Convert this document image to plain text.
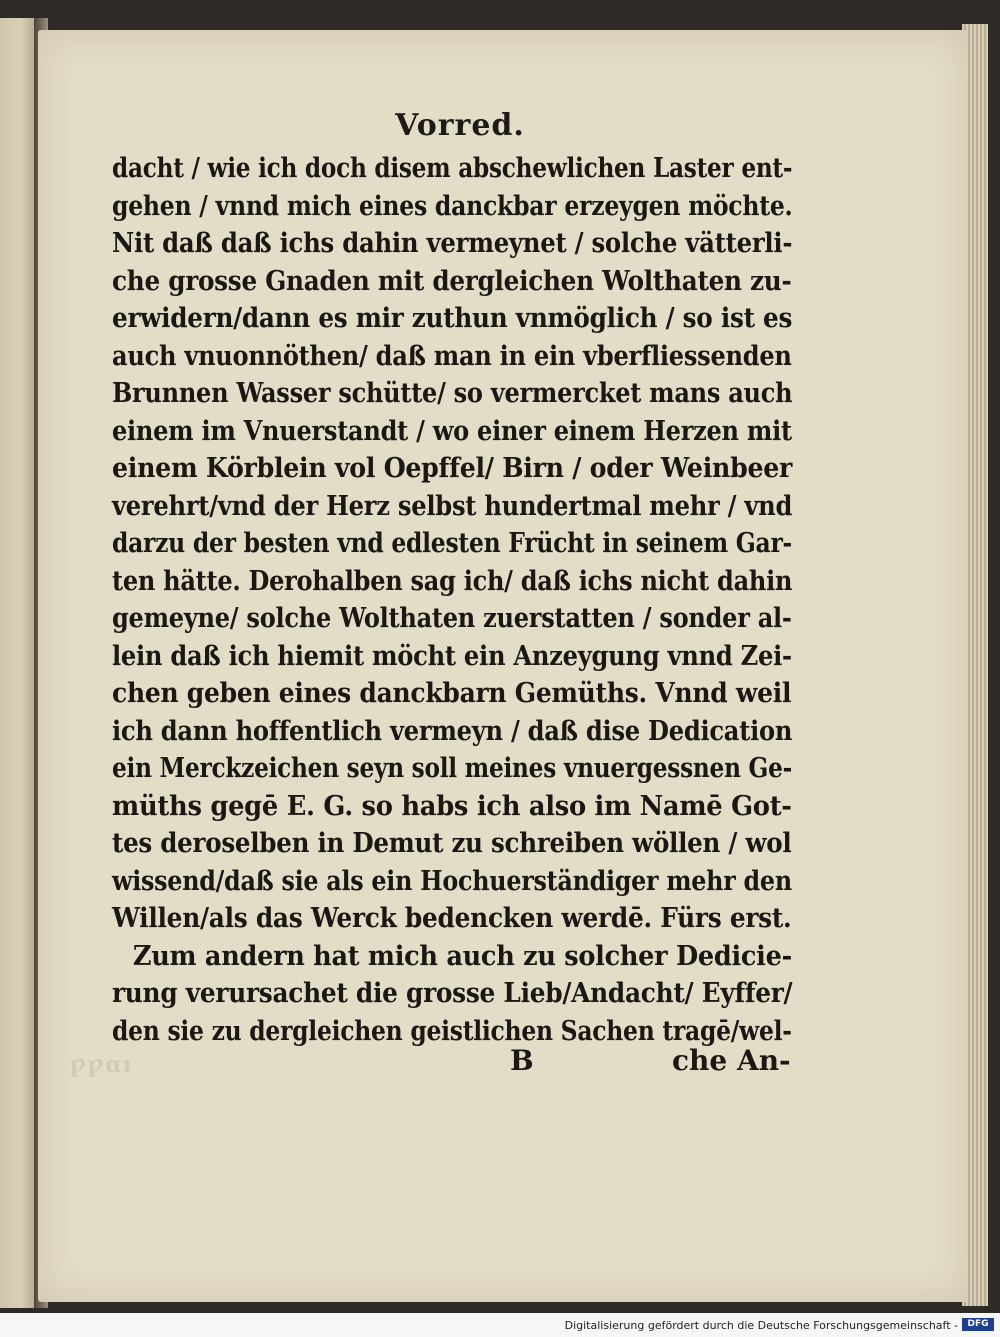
Vorred.
dacht / wie ich doch disem abschewlichen Laster ent-
gehen / vnnd mich eines danckbar erzeygen möchte.
Nit daß daß ichs dahin vermeynet / solche vätterli-
che grosse Gnaden mit dergleichen Wolthaten zu-
erwidern/dann es mir zuthun vnmöglich / so ist es
auch vnuonnöthen/ daß man in ein vberfliessenden
Brunnen Wasser schütte/ so vermercket mans auch
einem im Vnuerstandt / wo einer einem Herzen mit
einem Körblein vol Oepffel/ Birn / oder Weinbeer
verehrt/vnd der Herz selbst hundertmal mehr / vnd
darzu der besten vnd edlesten Frücht in seinem Gar-
ten hätte. Derohalben sag ich/ daß ichs nicht dahin
gemeyne/ solche Wolthaten zuerstatten / sonder al-
lein daß ich hiemit möcht ein Anzeygung vnnd Zei-
chen geben eines danckbarn Gemüths. Vnnd weil
ich dann hoffentlich vermeyn / daß dise Dedication
ein Merckzeichen seyn soll meines vnuergessnen Ge-
müths gegē E. G. so habs ich also im Namē Got-
tes deroselben in Demut zu schreiben wöllen / wol
wissend/daß sie als ein Hochuerständiger mehr den
Willen/als das Werck bedencken werdē. Fürs erst.
Zum andern hat mich auch zu solcher Dedicie-
rung verursachet die grosse Lieb/Andacht/ Eyffer/
den sie zu dergleichen geistlichen Sachen tragē/wel-
ƿƿɑɪ	B	che An-
Digitalisierung gefördert durch die Deutsche Forschungsgemeinschaft -	DFG
